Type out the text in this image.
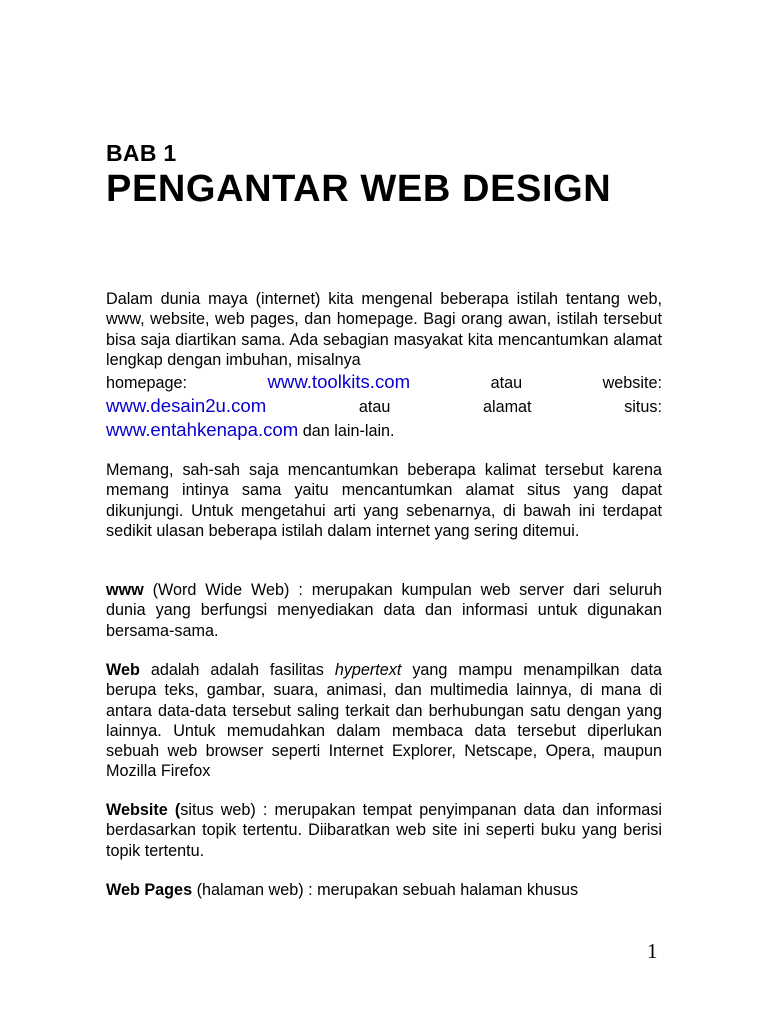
BAB 1
PENGANTAR WEB DESIGN
Dalam dunia maya (internet) kita mengenal beberapa istilah tentang web, www, website, web pages, dan homepage. Bagi orang awan, istilah tersebut bisa saja diartikan sama. Ada sebagian masyakat kita mencantumkan alamat lengkap dengan imbuhan, misalnya
homepage:	www.toolkits.com	atau	website:
www.desain2u.com	atau	alamat	situs:
www.entahkenapa.com dan lain-lain.
Memang, sah-sah saja mencantumkan beberapa kalimat tersebut karena memang intinya sama yaitu mencantumkan alamat situs yang dapat dikunjungi. Untuk mengetahui arti yang sebenarnya, di bawah ini terdapat sedikit ulasan beberapa istilah dalam internet yang sering ditemui.
www (Word Wide Web) : merupakan kumpulan web server dari seluruh dunia yang berfungsi menyediakan data dan informasi untuk digunakan bersama-sama.
Web adalah adalah fasilitas hypertext yang mampu menampilkan data berupa teks, gambar, suara, animasi, dan multimedia lainnya, di mana di antara data-data tersebut saling terkait dan berhubungan satu dengan yang lainnya. Untuk memudahkan dalam membaca data tersebut diperlukan sebuah web browser seperti Internet Explorer, Netscape, Opera, maupun Mozilla Firefox
Website (situs web) : merupakan tempat penyimpanan data dan informasi berdasarkan topik tertentu. Diibaratkan web site ini seperti buku yang berisi topik tertentu.
Web Pages (halaman web) : merupakan sebuah halaman khusus
1
